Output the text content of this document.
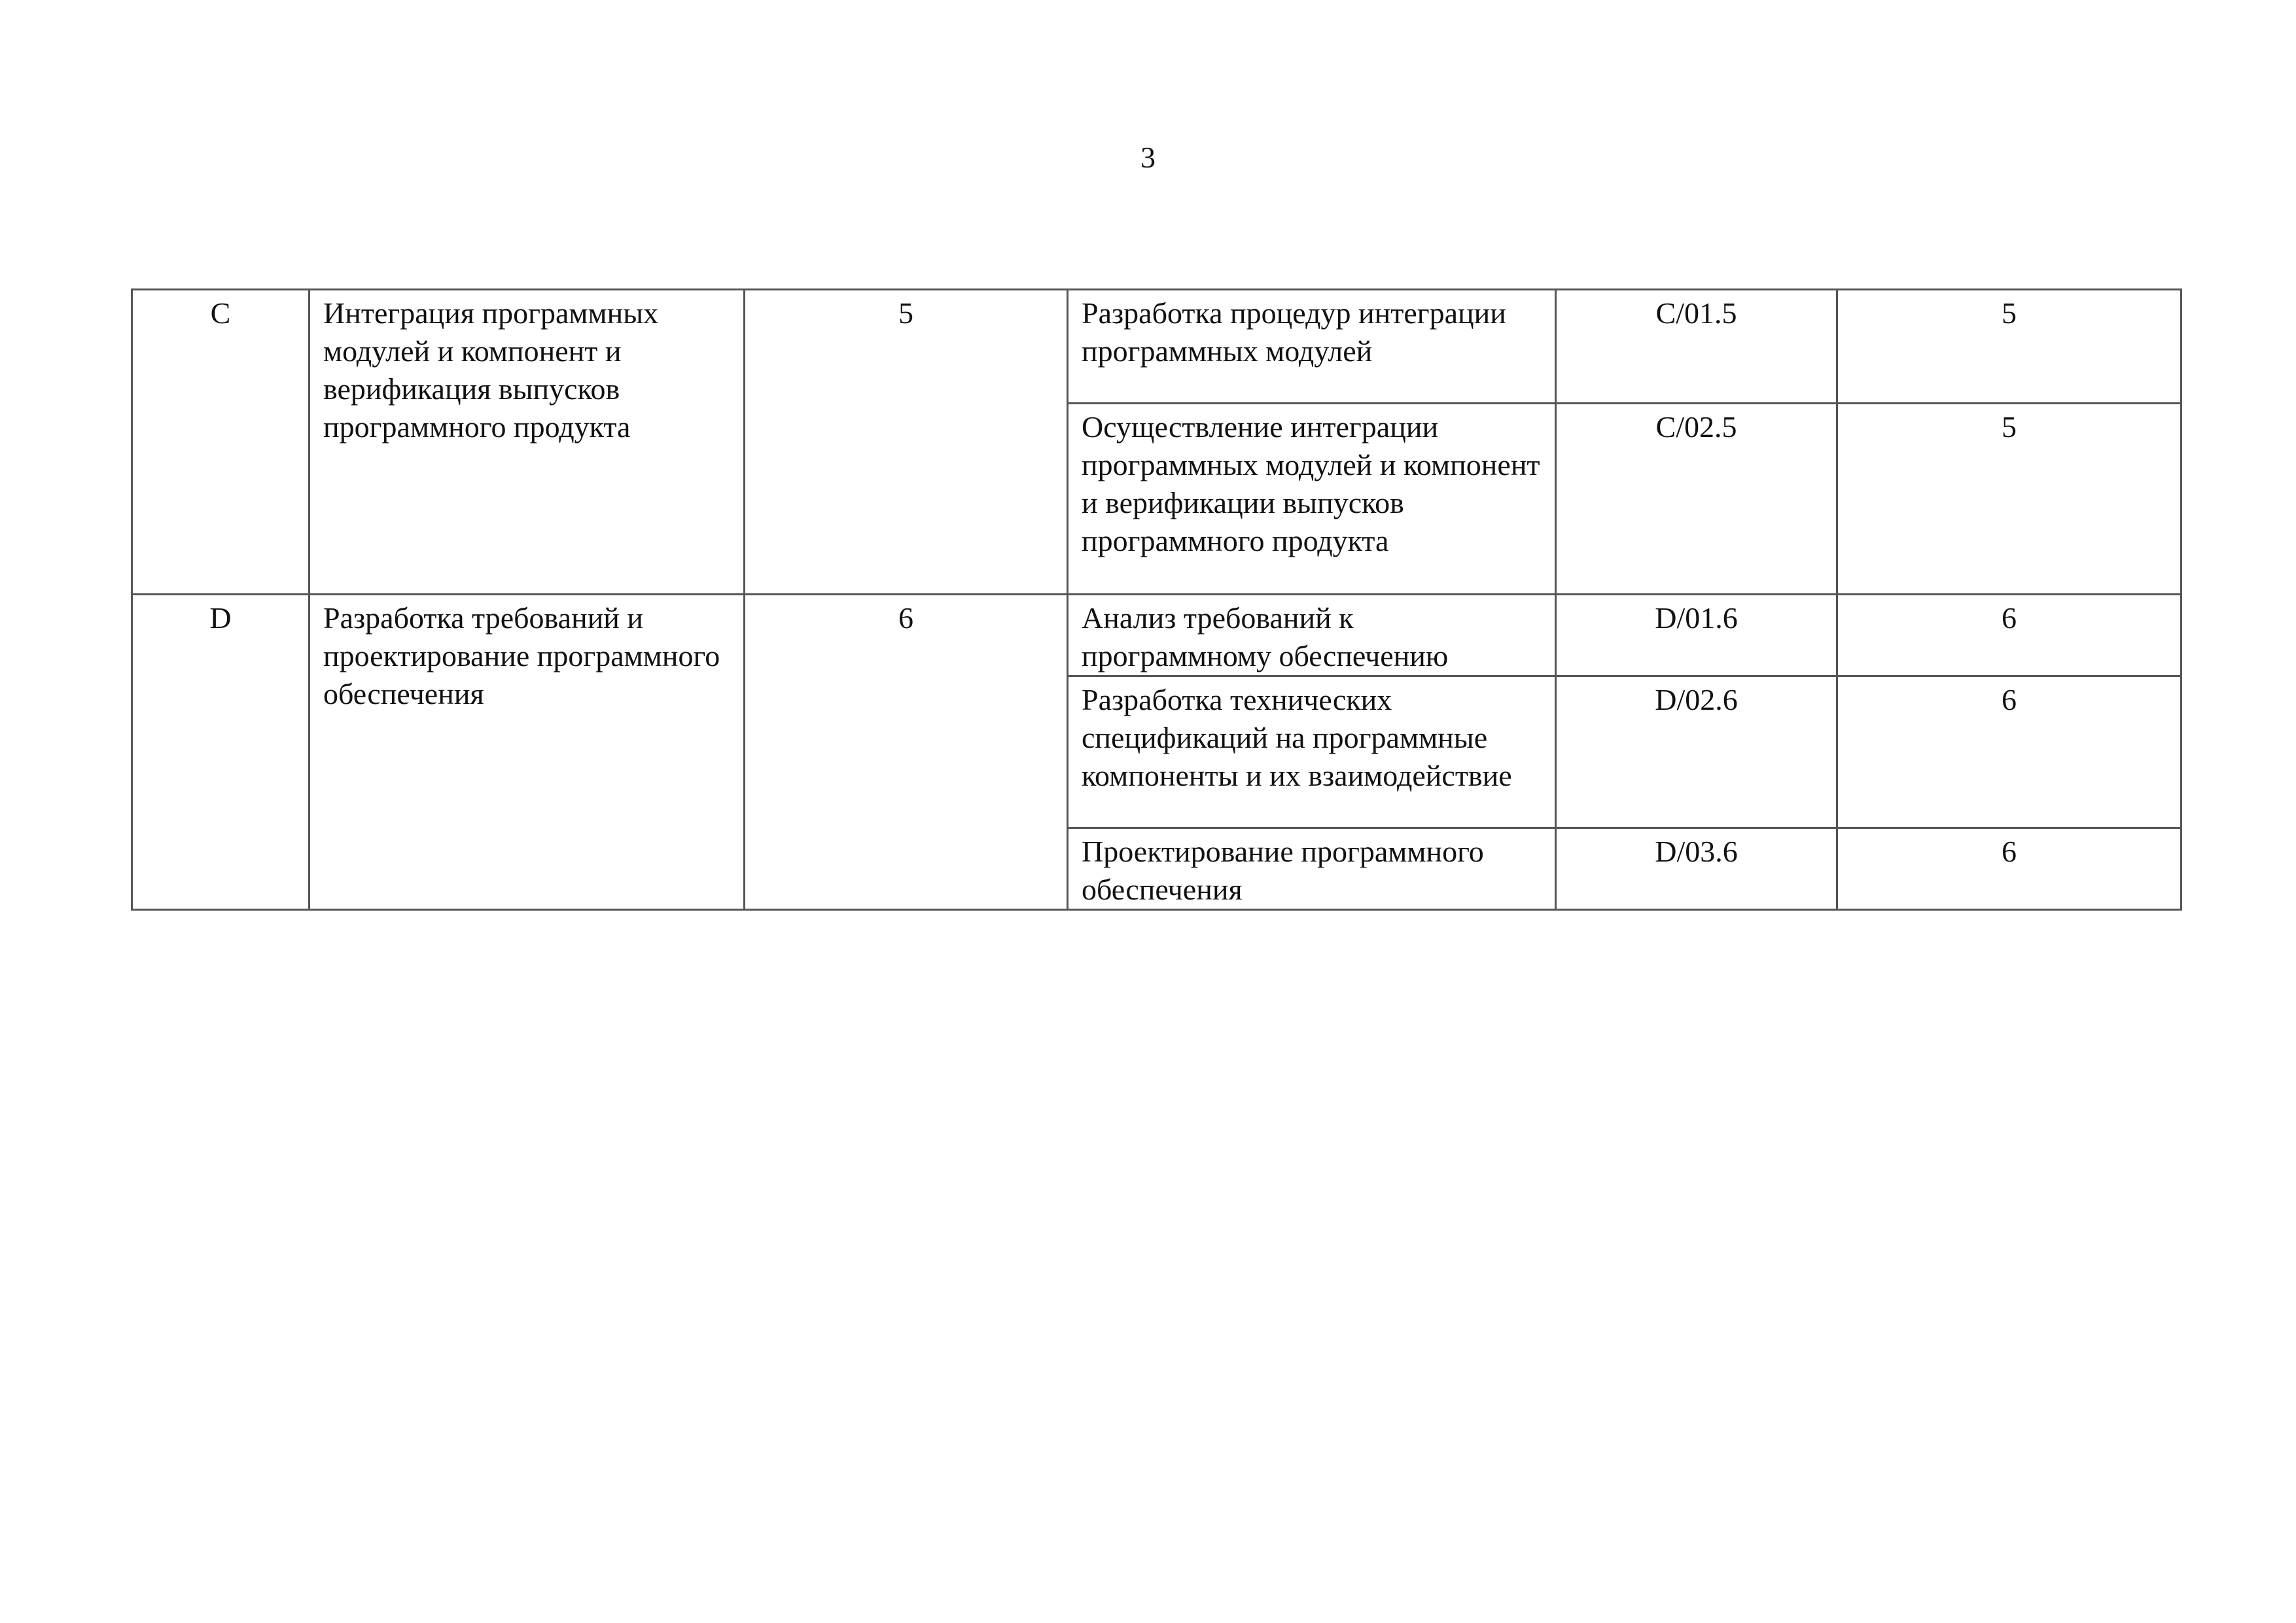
3
C	Интеграция программных модулей и компонент и верификация выпусков программного продукта	5	Разработка процедур интеграции программных модулей	C/01.5	5
			Осуществление интеграции программных модулей и компонент и верификации выпусков программного продукта	C/02.5	5
D	Разработка требований и проектирование программного обеспечения	6	Анализ требований к программному обеспечению	D/01.6	6
			Разработка технических спецификаций на программные компоненты и их взаимодействие	D/02.6	6
			Проектирование программного обеспечения	D/03.6	6
